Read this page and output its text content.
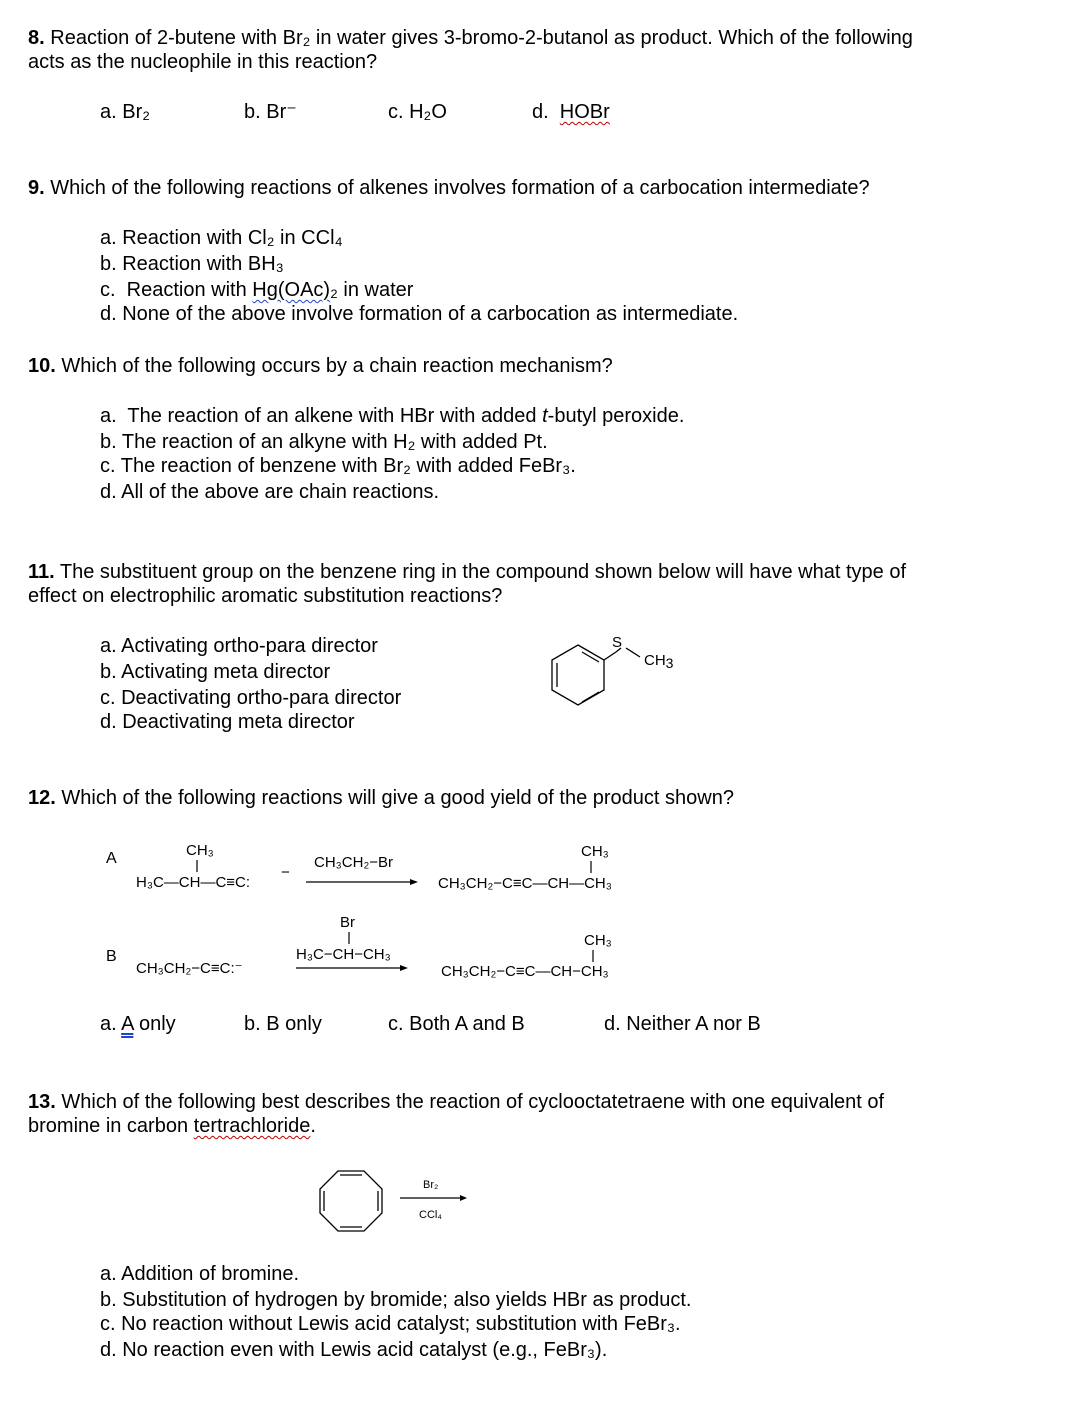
8. Reaction of 2-butene with Br₂ in water gives 3-bromo-2-butanol as product. Which of the following
acts as the nucleophile in this reaction?
a. Br₂	b. Br⁻	c. H₂O	d.  HOBr
9. Which of the following reactions of alkenes involves formation of a carbocation intermediate?
a. Reaction with Cl₂ in CCl₄
b. Reaction with BH₃
c.  Reaction with Hg(OAc)₂ in water
d. None of the above involve formation of a carbocation as intermediate.
10. Which of the following occurs by a chain reaction mechanism?
a.  The reaction of an alkene with HBr with added t-butyl peroxide.
b. The reaction of an alkyne with H₂ with added Pt.
c. The reaction of benzene with Br₂ with added FeBr₃.
d. All of the above are chain reactions.
11. The substituent group on the benzene ring in the compound shown below will have what type of
effect on electrophilic aromatic substitution reactions?
a. Activating ortho-para director
b. Activating meta director
c. Deactivating ortho-para director
d. Deactivating meta director
S
$CH_3$
12. Which of the following reactions will give a good yield of the product shown?
A	CH₃
H₃C—CH—C≡C:
−
CH₃CH₂−Br
CH₃
CH₃CH₂−C≡C—CH—CH₃
B
Br
H₃C−CH−CH₃
CH₃CH₂−C≡C:⁻
CH₃
CH₃CH₂−C≡C—CH−CH₃
a. A only	b. B only	c. Both A and B	d. Neither A nor B
13. Which of the following best describes the reaction of cyclooctatetraene with one equivalent of
bromine in carbon tertrachloride.
Br₂
CCl₄
a. Addition of bromine.
b. Substitution of hydrogen by bromide; also yields HBr as product.
c. No reaction without Lewis acid catalyst; substitution with FeBr₃.
d. No reaction even with Lewis acid catalyst (e.g., FeBr₃).
